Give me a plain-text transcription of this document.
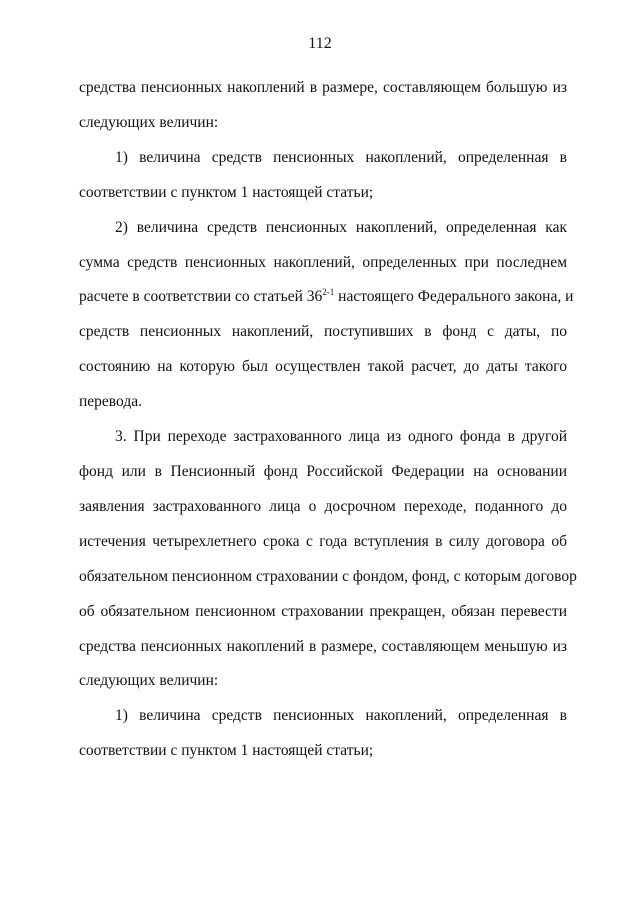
112
средства пенсионных накоплений в размере, составляющем большую из
следующих величин:
1) величина средств пенсионных накоплений, определенная в
соответствии с пунктом 1 настоящей статьи;
2) величина средств пенсионных накоплений, определенная как
сумма средств пенсионных накоплений, определенных при последнем
расчете в соответствии со статьей 36$^{2-1}$ настоящего Федерального закона, и
средств пенсионных накоплений, поступивших в фонд с даты, по
состоянию на которую был осуществлен такой расчет, до даты такого
перевода.
3. При переходе застрахованного лица из одного фонда в другой
фонд или в Пенсионный фонд Российской Федерации на основании
заявления застрахованного лица о досрочном переходе, поданного до
истечения четырехлетнего срока с года вступления в силу договора об
обязательном пенсионном страховании с фондом, фонд, с которым договор
об обязательном пенсионном страховании прекращен, обязан перевести
средства пенсионных накоплений в размере, составляющем меньшую из
следующих величин:
1) величина средств пенсионных накоплений, определенная в
соответствии с пунктом 1 настоящей статьи;
